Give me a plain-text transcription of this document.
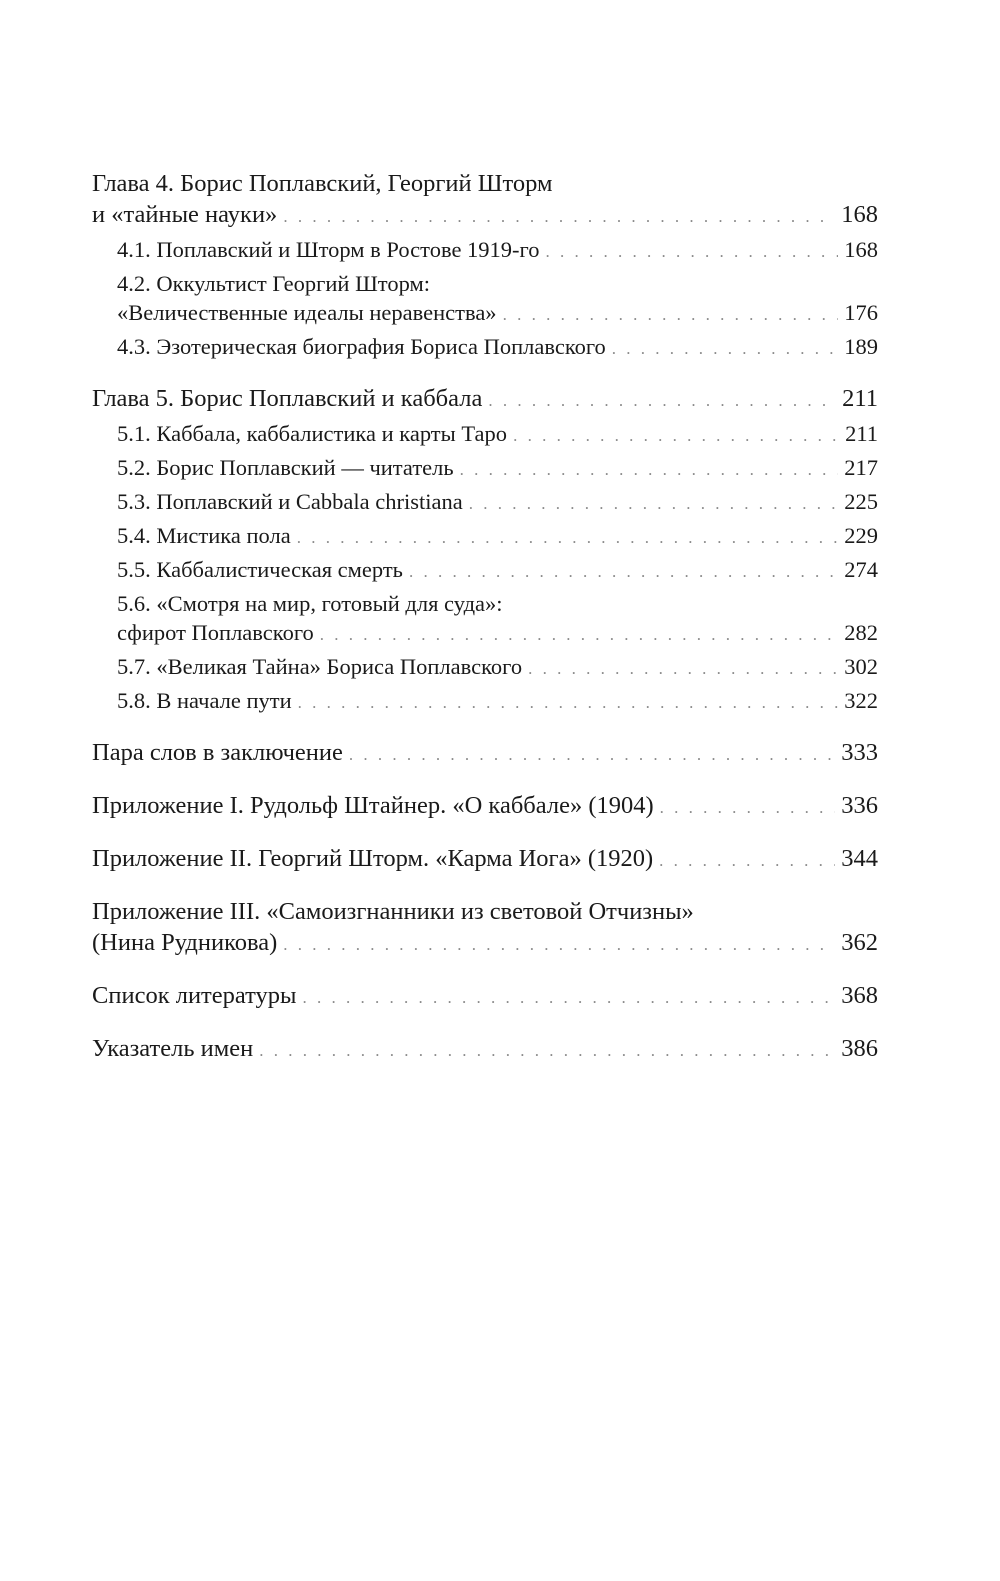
Глава 4. Борис Поплавский, Георгий Шторм
и «тайные науки» . . .	168
4.1. Поплавский и Шторм в Ростове 1919-го . . .	168
4.2. Оккультист Георгий Шторм:
«Величественные идеалы неравенства» . . .	176
4.3. Эзотерическая биография Бориса Поплавского . . .	189
Глава 5. Борис Поплавский и каббала . . .	211
5.1. Каббала, каббалистика и карты Таро . . .	211
5.2. Борис Поплавский — читатель . . .	217
5.3. Поплавский и Cabbala christiana . . .	225
5.4. Мистика пола . . .	229
5.5. Каббалистическая смерть . . .	274
5.6. «Смотря на мир, готовый для суда»:
сфирот Поплавского . . .	282
5.7. «Великая Тайна» Бориса Поплавского . . .	302
5.8. В начале пути . . .	322
Пара слов в заключение . . .	333
Приложение I. Рудольф Штайнер. «О каббале» (1904) . . .	336
Приложение II. Георгий Шторм. «Карма Иога» (1920) . . .	344
Приложение III. «Самоизгнанники из световой Отчизны»
(Нина Рудникова) . . .	362
Список литературы . . .	368
Указатель имен . . .	386
